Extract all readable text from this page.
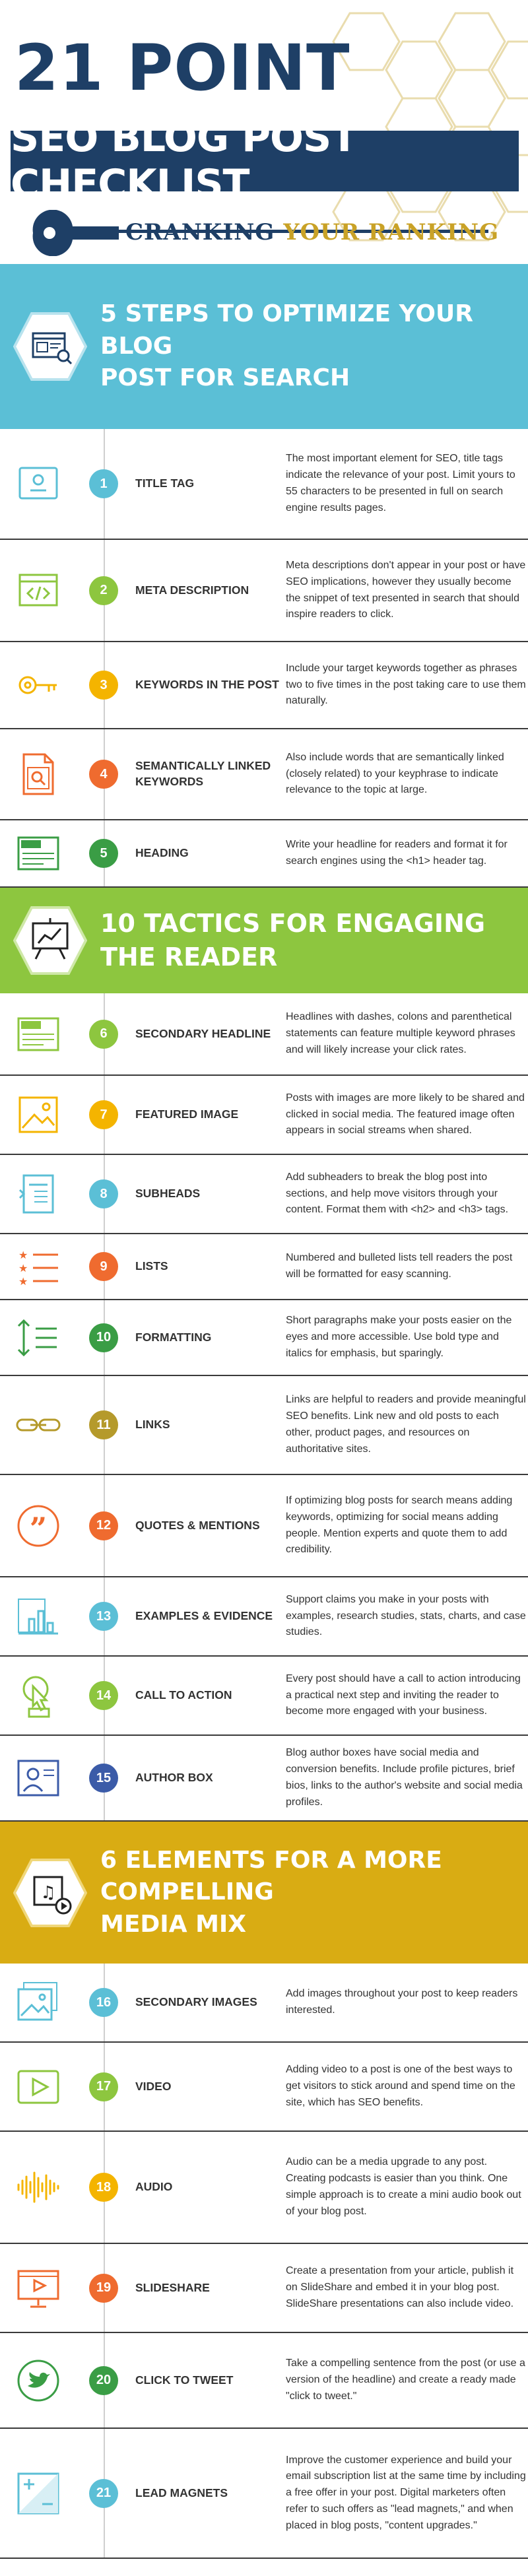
21 POINT
SEO BLOG POST CHECKLIST
CRANKING YOUR RANKING
5 STEPS TO OPTIMIZE YOUR BLOG
POST FOR SEARCH
1	TITLE TAG
The most important element for SEO, title tags indicate the relevance of your post. Limit yours to 55 characters to be presented in full on search engine results pages.
2	META DESCRIPTION
Meta descriptions don't appear in your post or have SEO implications, however they usually become the snippet of text presented in search that should inspire readers to click.
3	KEYWORDS IN THE POST
Include your target keywords together as phrases two to five times in the post taking care to use them naturally.
4
SEMANTICALLY LINKED KEYWORDS
Also include words that are semantically linked (closely related) to your keyphrase to indicate relevance to the topic at large.
5	HEADING
Write your headline for readers and format it for search engines using the <h1> header tag.
10 TACTICS FOR ENGAGING THE READER
6	SECONDARY HEADLINE
Headlines with dashes, colons and parenthetical statements can feature multiple keyword phrases and will likely increase your click rates.
7	FEATURED IMAGE
Posts with images are more likely to be shared and clicked in social media. The featured image often appears in social streams when shared.
8	SUBHEADS
Add subheaders to break the blog post into sections, and help move visitors through your content. Format them with <h2> and <h3> tags.
★
★
★
9	LISTS
Numbered and bulleted lists tell readers the post will be formatted for easy scanning.
10	FORMATTING
Short paragraphs make your posts easier on the eyes and more accessible. Use bold type and italics for emphasis, but sparingly.
11	LINKS
Links are helpful to readers and provide meaningful SEO benefits. Link new and old posts to each other, product pages, and resources on authoritative sites.
”	12	QUOTES & MENTIONS
If optimizing blog posts for search means adding keywords, optimizing for social means adding people. Mention experts and quote them to add credibility.
13	EXAMPLES & EVIDENCE
Support claims you make in your posts with examples, research studies, stats, charts, and case studies.
14	CALL TO ACTION
Every post should have a call to action introducing a practical next step and inviting the reader to become more engaged with your business.
15	AUTHOR BOX
Blog author boxes have social media and conversion benefits. Include profile pictures, brief bios, links to the author's website and social media profiles.
♫
6 ELEMENTS FOR A MORE COMPELLING
MEDIA MIX
16	SECONDARY IMAGES
Add images throughout your post to keep readers interested.
17	VIDEO
Adding video to a post is one of the best ways to get visitors to stick around and spend time on the site, which has SEO benefits.
18	AUDIO
Audio can be a media upgrade to any post. Creating podcasts is easier than you think. One simple approach is to create a mini audio book out of your blog post.
19	SLIDESHARE
Create a presentation from your article, publish it on SlideShare and embed it in your blog post. SlideShare presentations can also include video.
20	CLICK TO TWEET
Take a compelling sentence from the post (or use a version of the headline) and create a ready made "click to tweet."
21	LEAD MAGNETS
Improve the customer experience and build your email subscription list at the same time by including a free offer in your post. Digital marketers often refer to such offers as "lead magnets," and when placed in blog posts, "content upgrades."
